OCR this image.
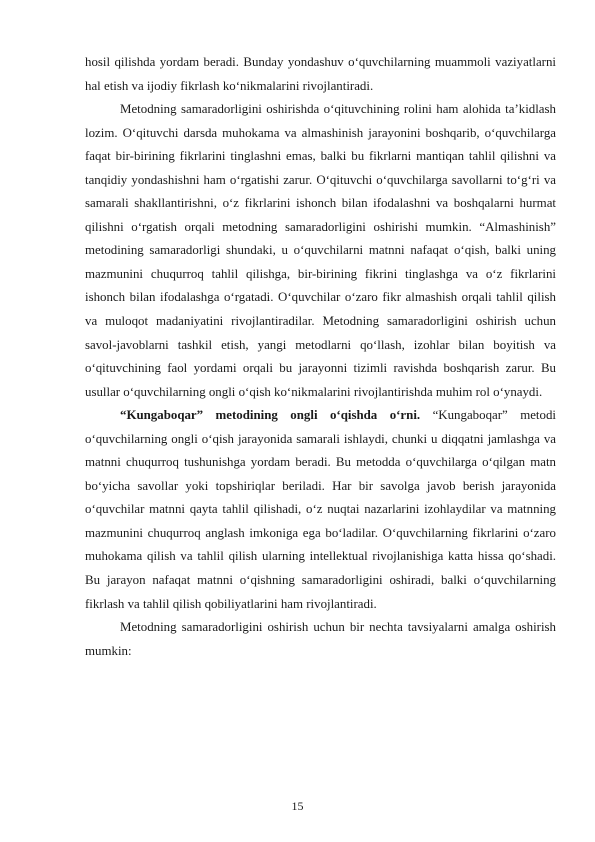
hosil qilishda yordam beradi. Bunday yondashuv o‘quvchilarning muammoli vaziyatlarni hal etish va ijodiy fikrlash ko‘nikmalarini rivojlantiradi.

Metodning samaradorligini oshirishda o‘qituvchining rolini ham alohida ta’kidlash lozim. O‘qituvchi darsda muhokama va almashinish jarayonini boshqarib, o‘quvchilarga faqat bir-birining fikrlarini tinglashni emas, balki bu fikrlarni mantiqan tahlil qilishni va tanqidiy yondashishni ham o‘rgatishi zarur. O‘qituvchi o‘quvchilarga savollarni to‘g‘ri va samarali shakllantirishni, o‘z fikrlarini ishonch bilan ifodalashni va boshqalarni hurmat qilishni o‘rgatish orqali metodning samaradorligini oshirishi mumkin. “Almashinish” metodining samaradorligi shundaki, u o‘quvchilarni matnni nafaqat o‘qish, balki uning mazmunini chuqurroq tahlil qilishga, bir-birining fikrini tinglashga va o‘z fikrlarini ishonch bilan ifodalashga o‘rgatadi. O‘quvchilar o‘zaro fikr almashish orqali tahlil qilish va muloqot madaniyatini rivojlantiradilar. Metodning samaradorligini oshirish uchun savol-javoblarni tashkil etish, yangi metodlarni qo‘llash, izohlar bilan boyitish va o‘qituvchining faol yordami orqali bu jarayonni tizimli ravishda boshqarish zarur. Bu usullar o‘quvchilarning ongli o‘qish ko‘nikmalarini rivojlantirishda muhim rol o‘ynaydi.

“Kungaboqar” metodining ongli o‘qishda o‘rni. “Kungaboqar” metodi o‘quvchilarning ongli o‘qish jarayonida samarali ishlaydi, chunki u diqqatni jamlashga va matnni chuqurroq tushunishga yordam beradi. Bu metodda o‘quvchilarga o‘qilgan matn bo‘yicha savollar yoki topshiriqlar beriladi. Har bir savolga javob berish jarayonida o‘quvchilar matnni qayta tahlil qilishadi, o‘z nuqtai nazarlarini izohlaydilar va matnning mazmunini chuqurroq anglash imkoniga ega bo‘ladilar. O‘quvchilarning fikrlarini o‘zaro muhokama qilish va tahlil qilish ularning intellektual rivojlanishiga katta hissa qo‘shadi. Bu jarayon nafaqat matnni o‘qishning samaradorligini oshiradi, balki o‘quvchilarning fikrlash va tahlil qilish qobiliyatlarini ham rivojlantiradi.

Metodning samaradorligini oshirish uchun bir nechta tavsiyalarni amalga oshirish mumkin:

15
